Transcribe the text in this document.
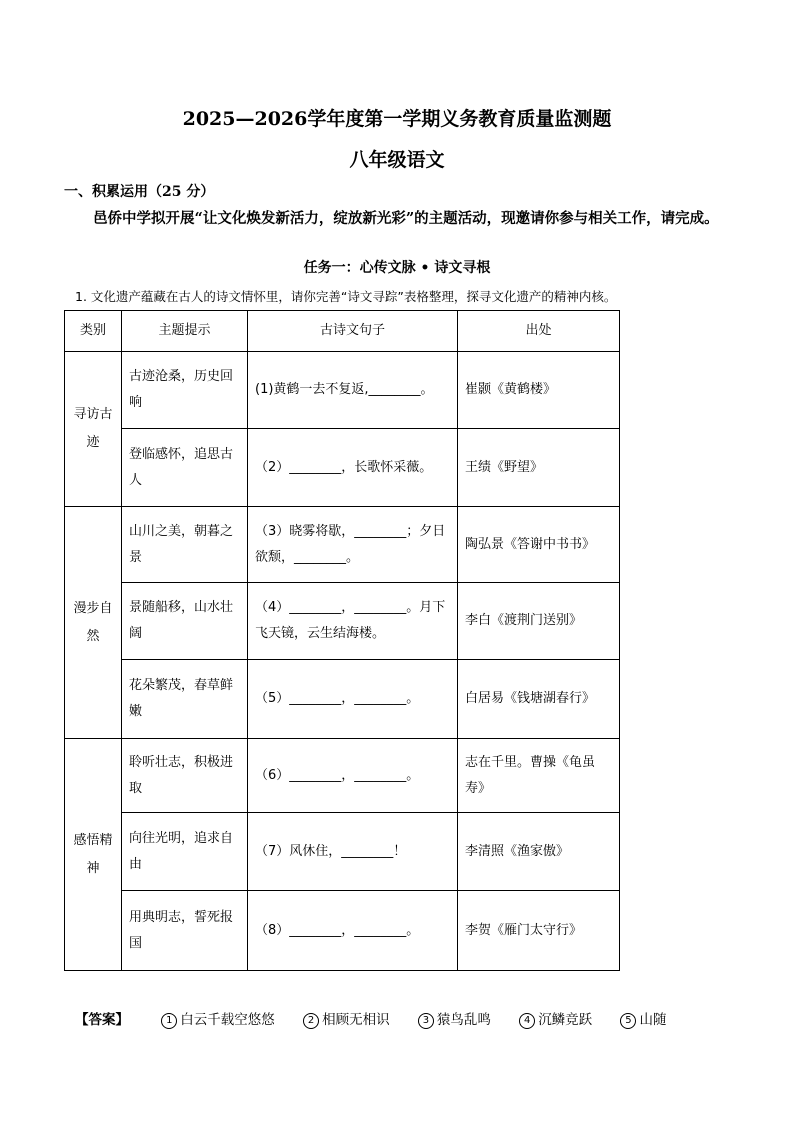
2025—2026学年度第一学期义务教育质量监测题
八年级语文
一、积累运用（25 分）
邑侨中学拟开展“让文化焕发新活力，绽放新光彩”的主题活动，现邀请你参与相关工作，请完成。
任务一：心传文脉 • 诗文寻根
1. 文化遗产蕴藏在古人的诗文情怀里，请你完善“诗文寻踪”表格整理，探寻文化遗产的精神内核。
类别	主题提示	古诗文句子	出处
寻访古迹	古迹沧桑，历史回响	(1)黄鹤一去不复返,________。	崔颢《黄鹤楼》
	登临感怀，追思古人	（2）________，长歌怀采薇。	王绩《野望》
漫步自然	山川之美，朝暮之景	（3）晓雾将歇，________；夕日欲颓，________。	陶弘景《答谢中书书》
	景随船移，山水壮阔	（4）________，________。月下飞天镜，云生结海楼。	李白《渡荆门送别》
	花朵繁茂，春草鲜嫩	（5）________，________。	白居易《钱塘湖春行》
感悟精神	聆听壮志，积极进取	（6）________，________。	志在千里。曹操《龟虽寿》
	向往光明，追求自由	（7）风休住，________！	李清照《渔家傲》
	用典明志，誓死报国	（8）________，________。	李贺《雁门太守行》
【答案】	1 白云千载空悠悠	2 相顾无相识	3 猿鸟乱鸣	4 沉鳞竞跃	5 山随
